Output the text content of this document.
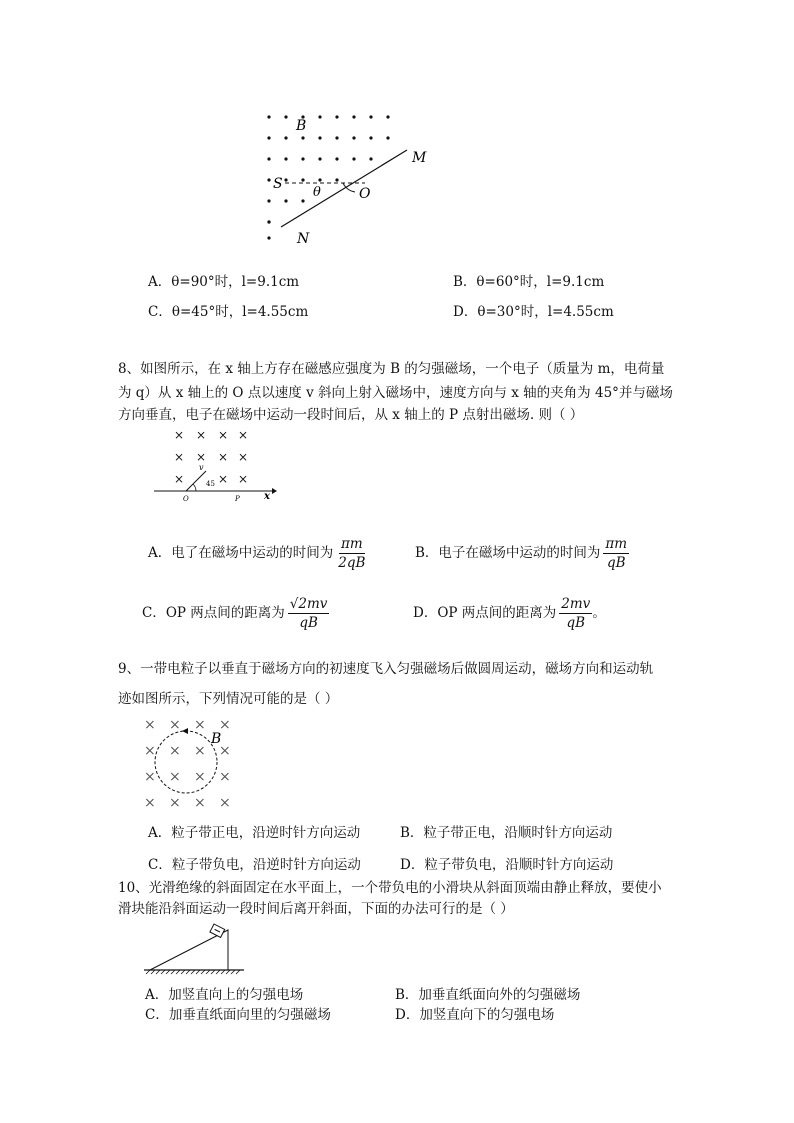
B
M
S
θ	O
N
A．θ=90°时，l=9.1cm	B．θ=60°时，l=9.1cm
C．θ=45°时，l=4.55cm	D．θ=30°时，l=4.55cm
8、如图所示，在 x 轴上方存在磁感应强度为 B 的匀强磁场，一个电子（质量为 m，电荷量
为 q）从 x 轴上的 O 点以速度 v 斜向上射入磁场中，速度方向与 x 轴的夹角为 45°并与磁场
方向垂直，电子在磁场中运动一段时间后，从 x 轴上的 P 点射出磁场. 则（ ）
× × × ×
× × × ×
×	× ×
v
45
O	P x
A．电了在磁场中运动的时间为 $\frac{\pi m}{2qB}$	B．电子在磁场中运动的时间为 $\frac{\pi m}{qB}$
C．OP 两点间的距离为 $\frac{√2mv}{qB}$	D．OP 两点间的距离为 $\frac{2mv}{qB}$ 。
9、一带电粒子以垂直于磁场方向的初速度飞入匀强磁场后做圆周运动，磁场方向和运动轨
迹如图所示，下列情况可能的是（ ）
× × × ×
× × × ×
× × × ×
× × × ×
B
A．粒子带正电，沿逆时针方向运动	B．粒子带正电，沿顺时针方向运动
C．粒子带负电，沿逆时针方向运动	D．粒子带负电，沿顺时针方向运动
10、光滑绝缘的斜面固定在水平面上，一个带负电的小滑块从斜面顶端由静止释放，要使小
滑块能沿斜面运动一段时间后离开斜面，下面的办法可行的是（ ）
A．加竖直向上的匀强电场	B．加垂直纸面向外的匀强磁场
C．加垂直纸面向里的匀强磁场	D．加竖直向下的匀强电场
